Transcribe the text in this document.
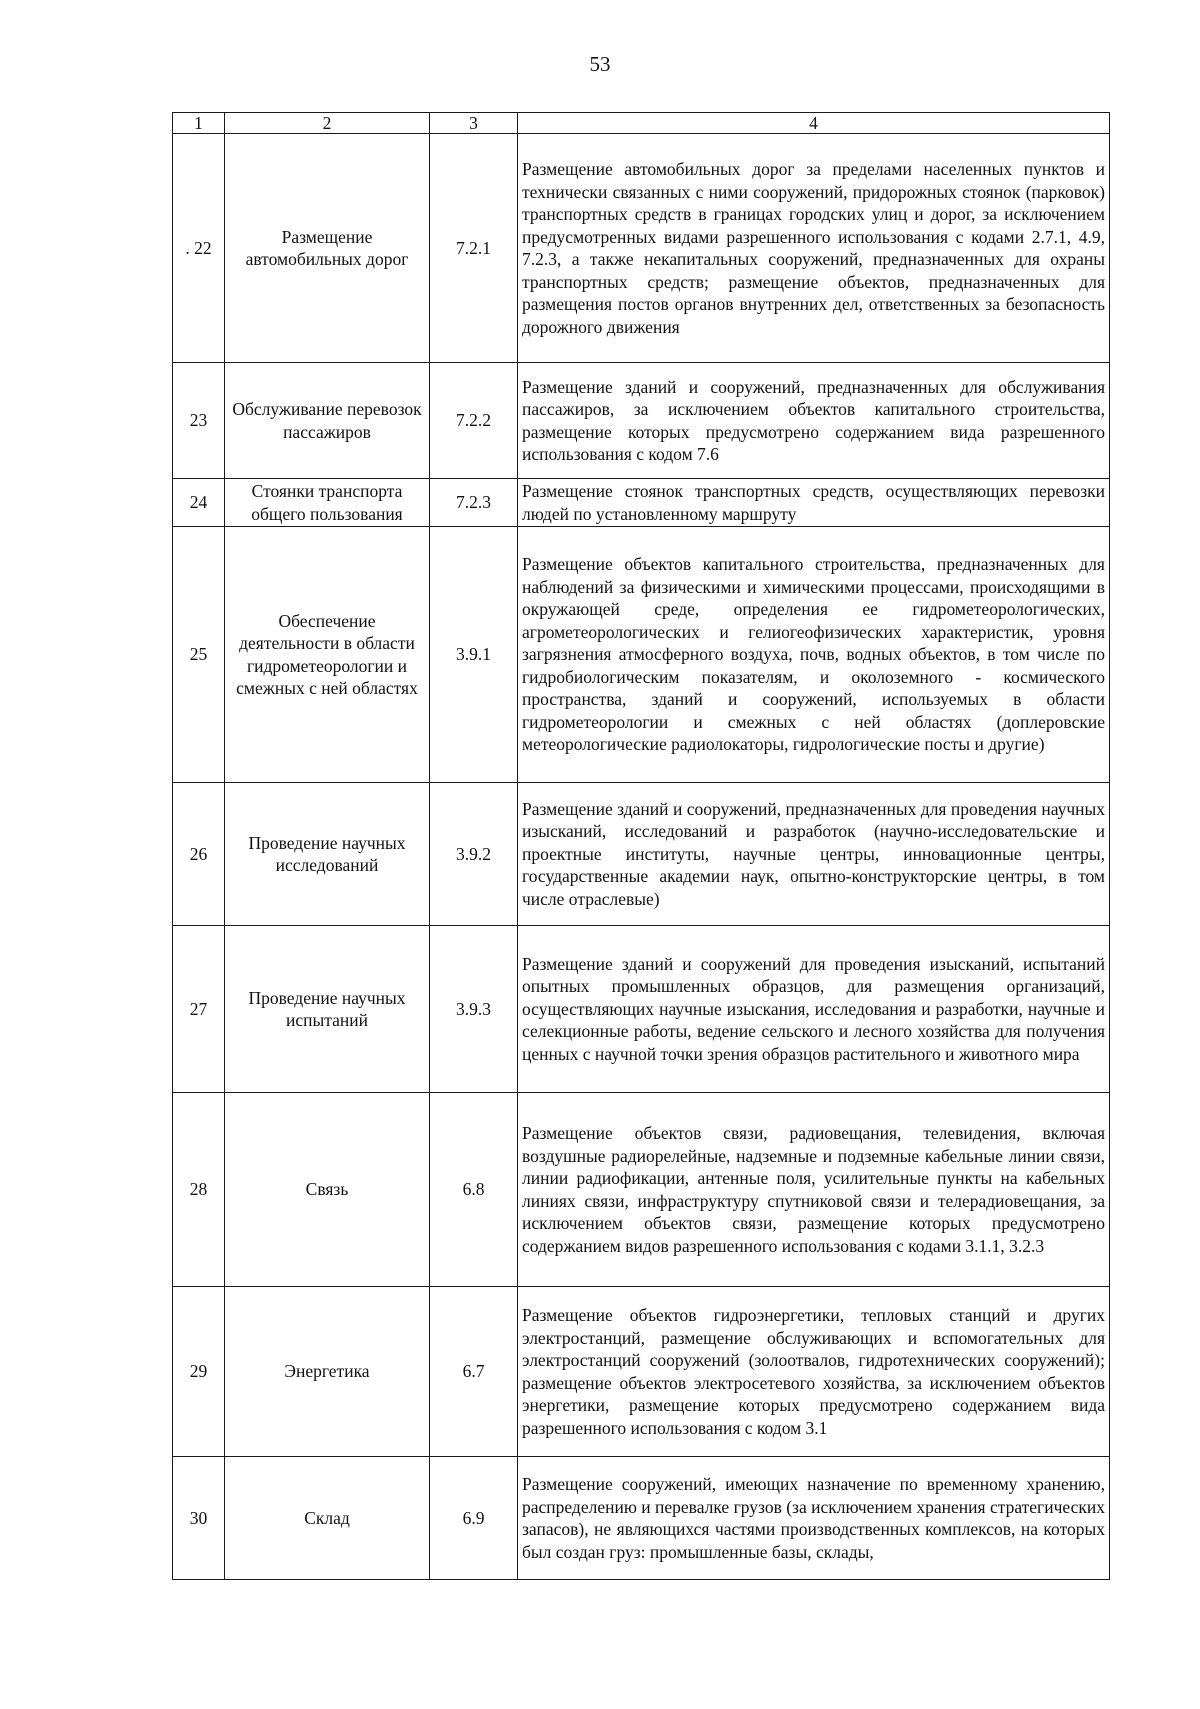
53
1	2	3	4
. 22	Размещение автомобильных дорог	7.2.1	Размещение автомобильных дорог за пределами населенных пунктов и технически связанных с ними сооружений, придорожных стоянок (парковок) транспортных средств в границах городских улиц и дорог, за исключением предусмотренных видами разрешенного использования с кодами 2.7.1, 4.9, 7.2.3, а также некапитальных сооружений, предназначенных для охраны транспортных средств; размещение объектов, предназначенных для размещения постов органов внутренних дел, ответственных за безопасность дорожного движения
23	Обслуживание перевозок пассажиров	7.2.2	Размещение зданий и сооружений, предназначенных для обслуживания пассажиров, за исключением объектов капитального строительства, размещение которых предусмотрено содержанием вида разрешенного использования с кодом 7.6
24	Стоянки транспорта общего пользования	7.2.3	Размещение стоянок транспортных средств, осуществляющих перевозки людей по установленному маршруту
25	Обеспечение деятельности в области гидрометеорологии и смежных с ней областях	3.9.1	Размещение объектов капитального строительства, предназначенных для наблюдений за физическими и химическими процессами, происходящими в окружающей среде, определения ее гидрометеорологических, агрометеорологических и гелиогеофизических характеристик, уровня загрязнения атмосферного воздуха, почв, водных объектов, в том числе по гидробиологическим показателям, и околоземного - космического пространства, зданий и сооружений, используемых в области гидрометеорологии и смежных с ней областях (доплеровские метеорологические радиолокаторы, гидрологические посты и другие)
26	Проведение научных исследований	3.9.2	Размещение зданий и сооружений, предназначенных для проведения научных изысканий, исследований и разработок (научно-исследовательские и проектные институты, научные центры, инновационные центры, государственные академии наук, опытно-конструкторские центры, в том числе отраслевые)
27	Проведение научных испытаний	3.9.3	Размещение зданий и сооружений для проведения изысканий, испытаний опытных промышленных образцов, для размещения организаций, осуществляющих научные изыскания, исследования и разработки, научные и селекционные работы, ведение сельского и лесного хозяйства для получения ценных с научной точки зрения образцов растительного и животного мира
28	Связь	6.8	Размещение объектов связи, радиовещания, телевидения, включая воздушные радиорелейные, надземные и подземные кабельные линии связи, линии радиофикации, антенные поля, усилительные пункты на кабельных линиях связи, инфраструктуру спутниковой связи и телерадиовещания, за исключением объектов связи, размещение которых предусмотрено содержанием видов разрешенного использования с кодами 3.1.1, 3.2.3
29	Энергетика	6.7	Размещение объектов гидроэнергетики, тепловых станций и других электростанций, размещение обслуживающих и вспомогательных для электростанций сооружений (золоотвалов, гидротехнических сооружений); размещение объектов электросетевого хозяйства, за исключением объектов энергетики, размещение которых предусмотрено содержанием вида разрешенного использования с кодом 3.1
30	Склад	6.9	Размещение сооружений, имеющих назначение по временному хранению, распределению и перевалке грузов (за исключением хранения стратегических запасов), не являющихся частями производственных комплексов, на которых был создан груз: промышленные базы, склады,
